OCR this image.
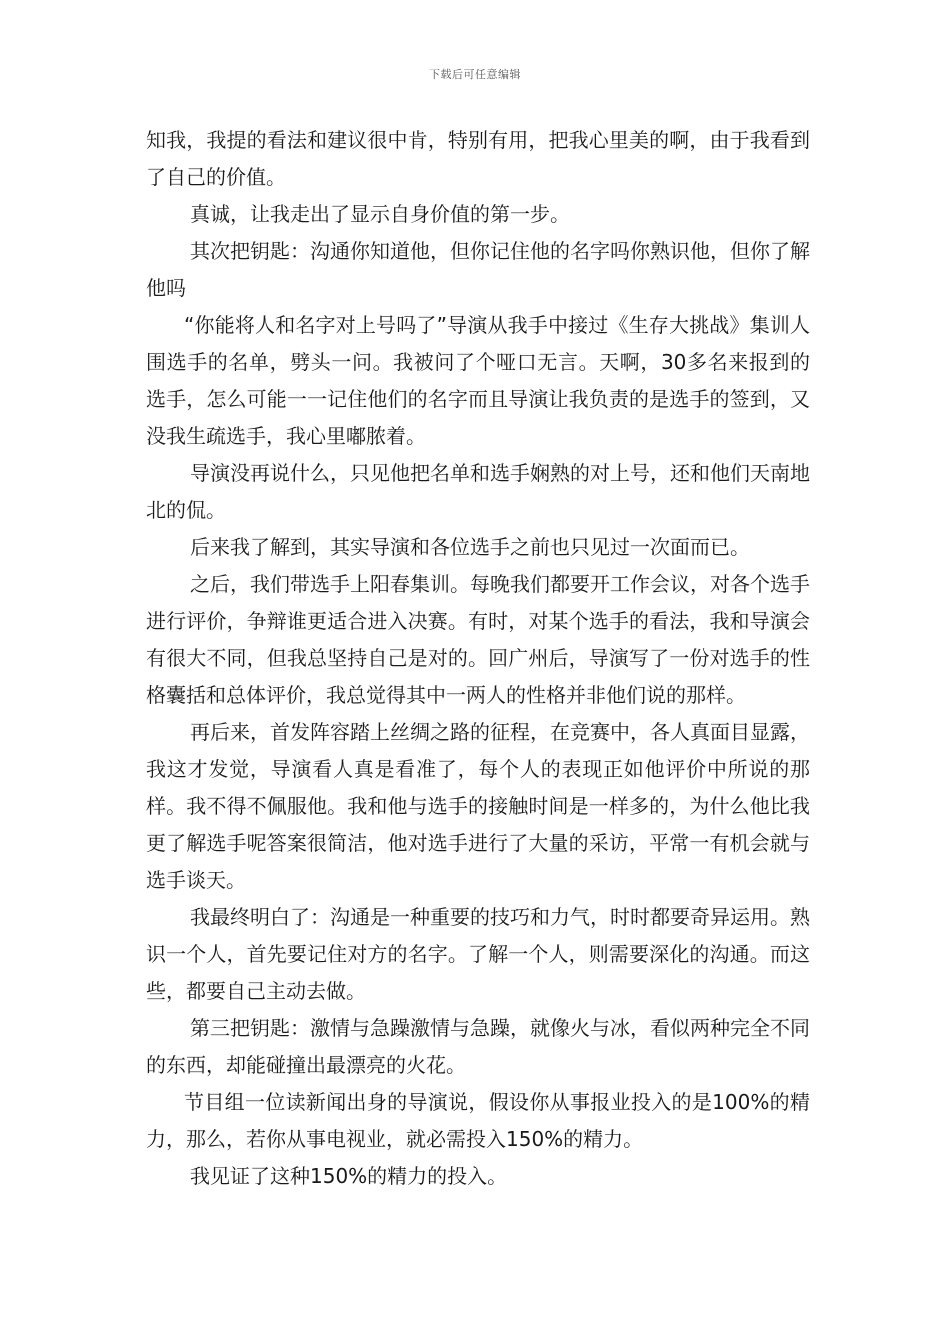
下载后可任意编辑

知我，我提的看法和建议很中肯，特别有用，把我心里美的啊，由于我看到了自己的价值。

真诚，让我走出了显示自身价值的第一步。

其次把钥匙：沟通你知道他，但你记住他的名字吗你熟识他，但你了解他吗

“你能将人和名字对上号吗了”导演从我手中接过《生存大挑战》集训人围选手的名单，劈头一问。我被问了个哑口无言。天啊，30多名来报到的选手，怎么可能一一记住他们的名字而且导演让我负责的是选手的签到，又没我生疏选手，我心里嘟脓着。

导演没再说什么，只见他把名单和选手娴熟的对上号，还和他们天南地北的侃。

后来我了解到，其实导演和各位选手之前也只见过一次面而已。

之后，我们带选手上阳春集训。每晚我们都要开工作会议，对各个选手进行评价，争辩谁更适合进入决赛。有时，对某个选手的看法，我和导演会有很大不同，但我总坚持自己是对的。回广州后，导演写了一份对选手的性格囊括和总体评价，我总觉得其中一两人的性格并非他们说的那样。

再后来，首发阵容踏上丝绸之路的征程，在竞赛中，各人真面目显露，我这才发觉，导演看人真是看准了，每个人的表现正如他评价中所说的那样。我不得不佩服他。我和他与选手的接触时间是一样多的，为什么他比我更了解选手呢答案很简洁，他对选手进行了大量的采访，平常一有机会就与选手谈天。

我最终明白了：沟通是一种重要的技巧和力气，时时都要奇异运用。熟识一个人，首先要记住对方的名字。了解一个人，则需要深化的沟通。而这些，都要自己主动去做。

第三把钥匙：激情与急躁激情与急躁，就像火与冰，看似两种完全不同的东西，却能碰撞出最漂亮的火花。

节目组一位读新闻出身的导演说，假设你从事报业投入的是100%的精力，那么，若你从事电视业，就必需投入150%的精力。

我见证了这种150%的精力的投入。
